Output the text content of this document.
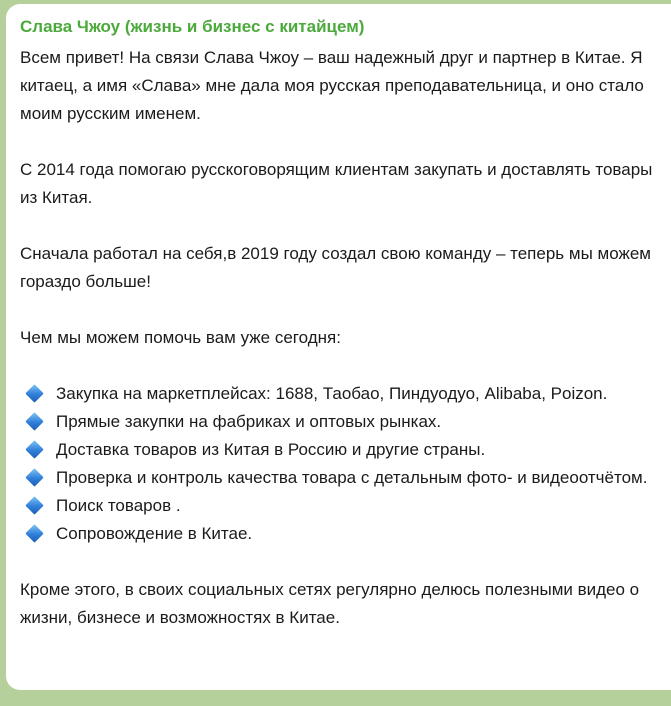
Слава Чжоу (жизнь и бизнес с китайцем)

Всем привет! На связи Слава Чжоу – ваш надежный друг и партнер в Китае. Я китаец, а имя «Слава» мне дала моя русская преподавательница, и оно стало моим русским именем.

С 2014 года помогаю русскоговорящим клиентам закупать и доставлять товары из Китая.

Сначала работал на себя,в 2019 году создал свою команду – теперь мы можем гораздо больше!

Чем мы можем помочь вам уже сегодня:

Закупка на маркетплейсах: 1688, Таобао, Пиндуодуо, Alibaba, Poizon.
Прямые закупки на фабриках и оптовых рынках.
Доставка товаров из Китая в Россию и другие страны.
Проверка и контроль качества товара с детальным фото- и видеоотчётом.
Поиск товаров .
Сопровождение в Китае.

Кроме этого, в своих социальных сетях регулярно делюсь полезными видео о жизни, бизнесе и возможностях в Китае.
